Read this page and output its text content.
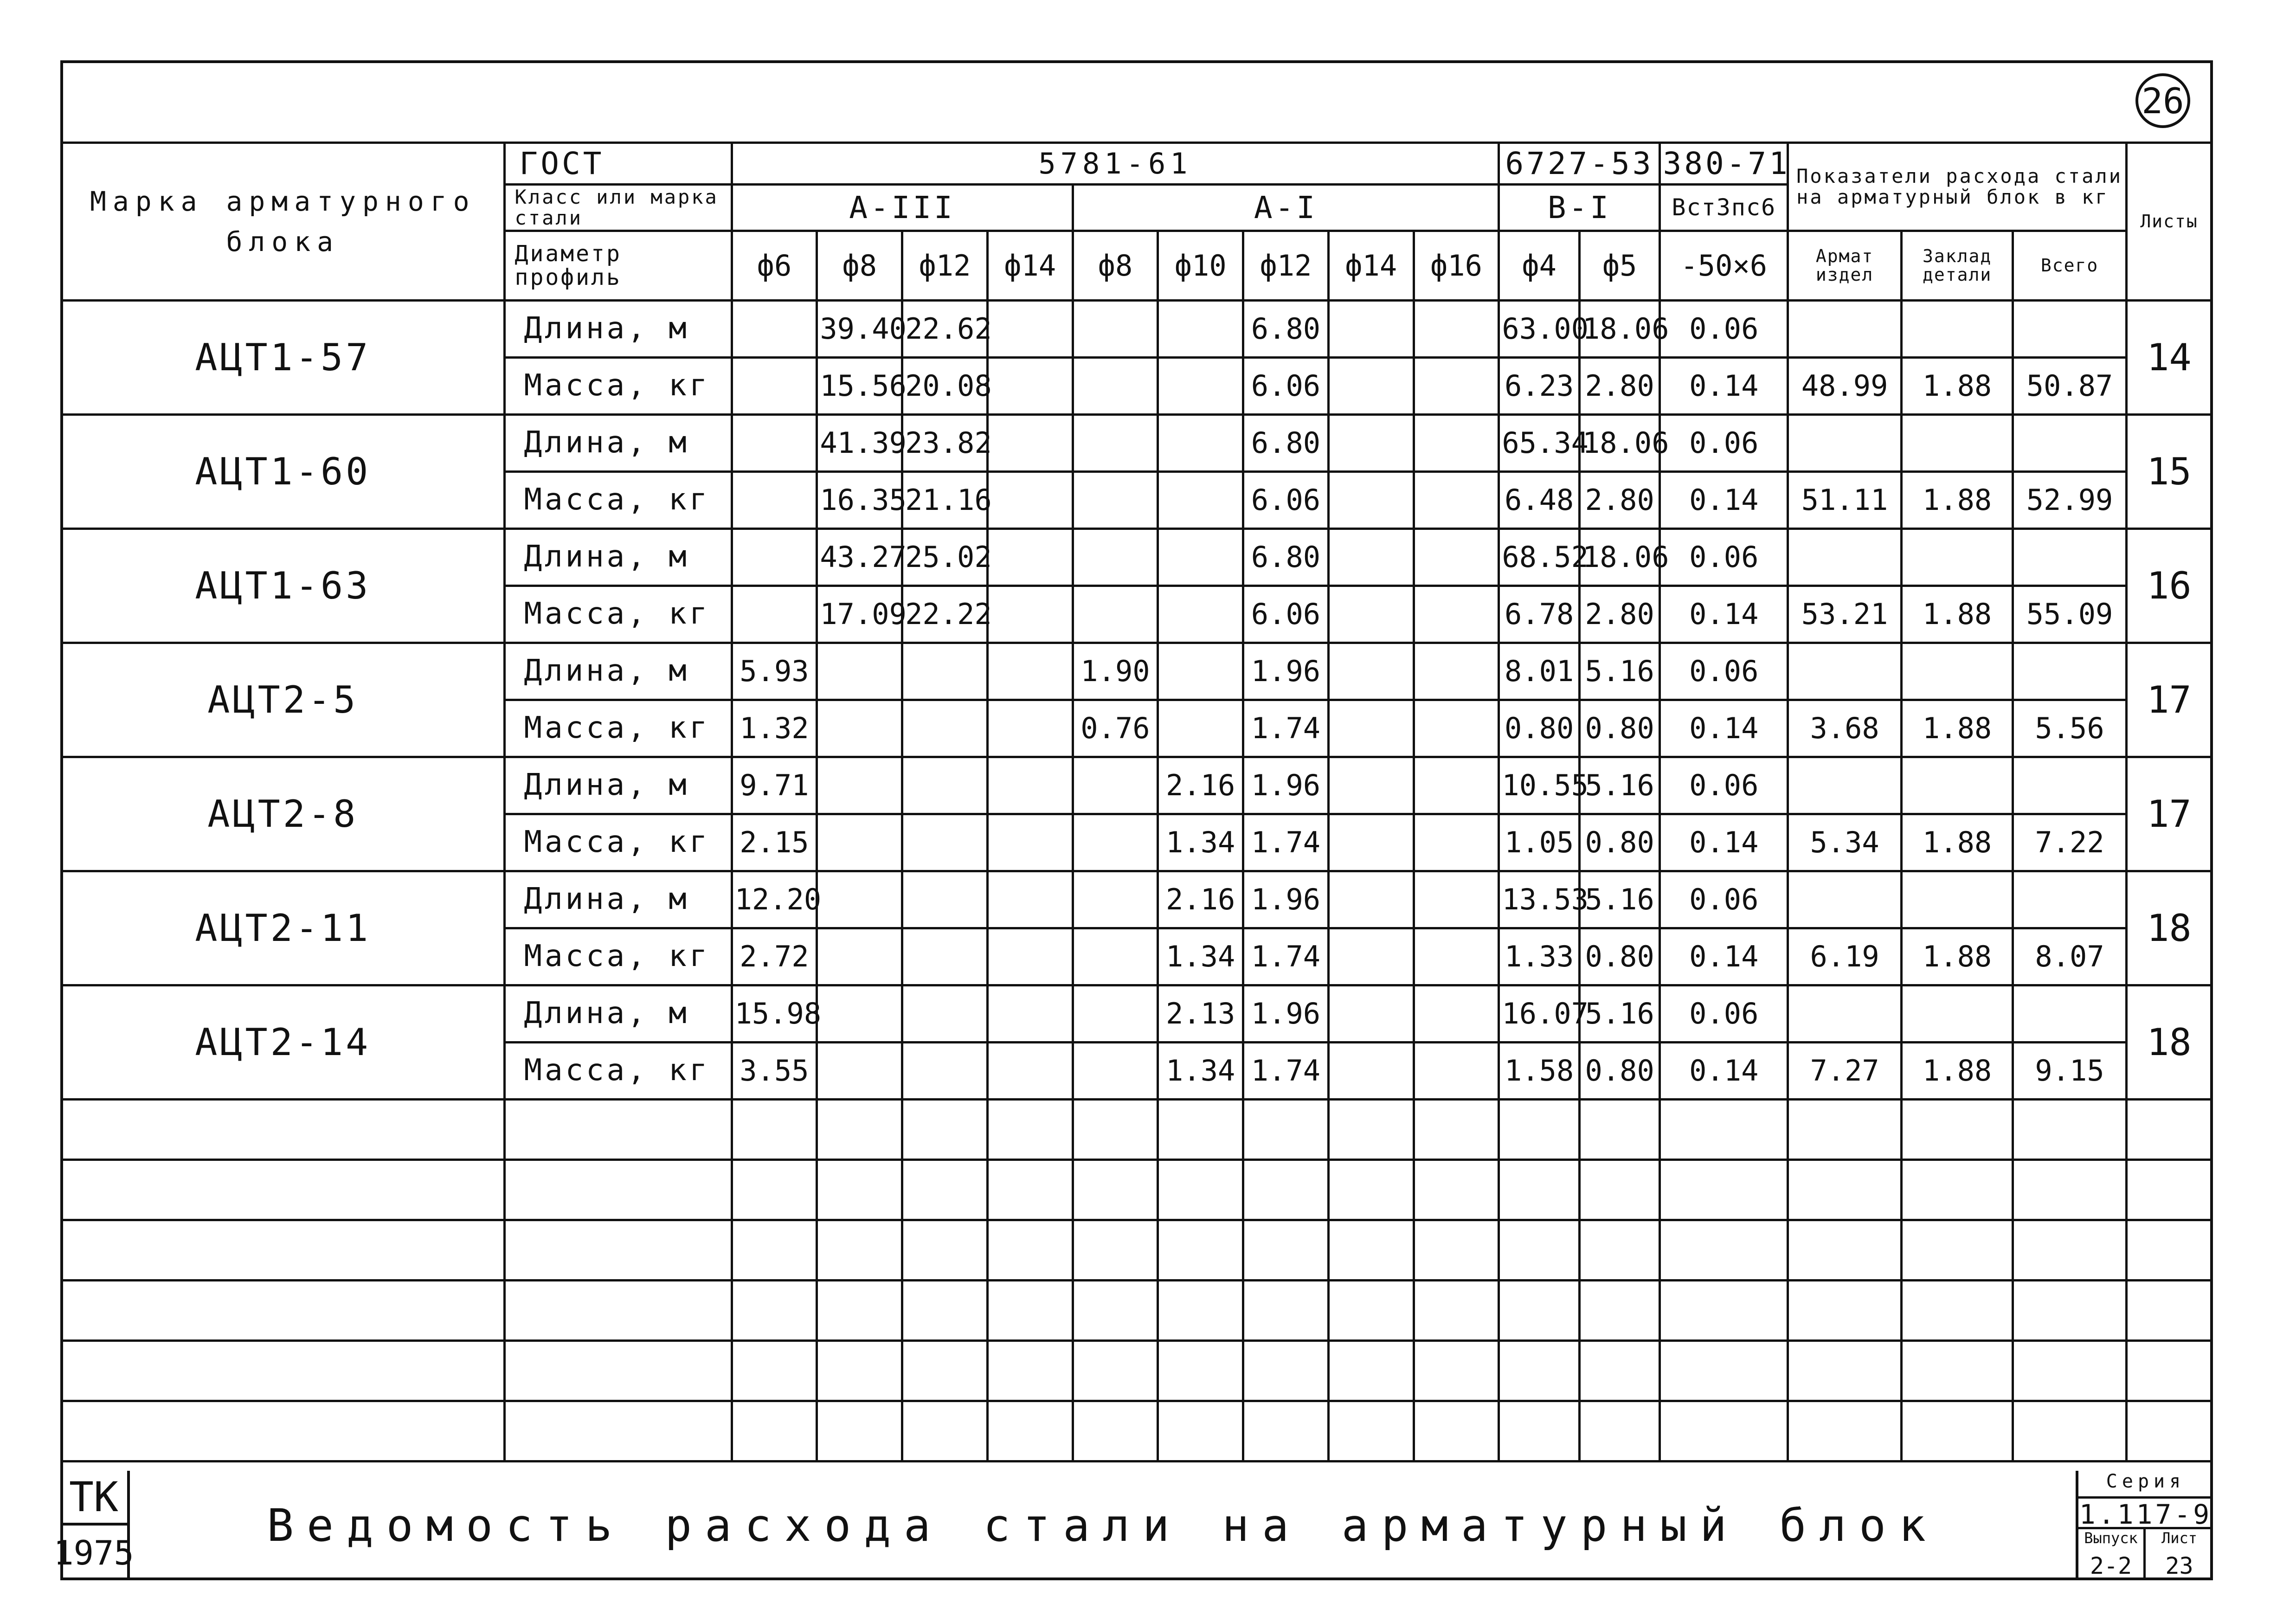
26
Марка арматурного блока	ГОСТ	5781-61									6727-53		380-71	Показатели расхода стали на арматурный блок в кг			Листы
	Класс или марка стали	A-III				A-I					B-I		Вст3пс6				
	Диаметр профиль	ф6	ф8	ф12	ф14	ф8	ф10	ф12	ф14	ф16	ф4	ф5	-50×6	Армат издел	Заклад детали	Всего	
АЦТ1-57	Длина, м		39.40	22.62				6.80			63.00	18.06	0.06				14
	Масса, кг		15.56	20.08				6.06			6.23	2.80	0.14	48.99	1.88	50.87	
АЦТ1-60	Длина, м		41.39	23.82				6.80			65.34	18.06	0.06				15
	Масса, кг		16.35	21.16				6.06			6.48	2.80	0.14	51.11	1.88	52.99	
АЦТ1-63	Длина, м		43.27	25.02				6.80			68.52	18.06	0.06				16
	Масса, кг		17.09	22.22				6.06			6.78	2.80	0.14	53.21	1.88	55.09	
АЦТ2-5	Длина, м	5.93				1.90		1.96			8.01	5.16	0.06				17
	Масса, кг	1.32				0.76		1.74			0.80	0.80	0.14	3.68	1.88	5.56	
АЦТ2-8	Длина, м	9.71					2.16	1.96			10.55	5.16	0.06				17
	Масса, кг	2.15					1.34	1.74			1.05	0.80	0.14	5.34	1.88	7.22	
АЦТ2-11	Длина, м	12.20					2.16	1.96			13.53	5.16	0.06				18
	Масса, кг	2.72					1.34	1.74			1.33	0.80	0.14	6.19	1.88	8.07	
АЦТ2-14	Длина, м	15.98					2.13	1.96			16.07	5.16	0.06				18
	Масса, кг	3.55					1.34	1.74			1.58	0.80	0.14	7.27	1.88	9.15	

ТК
1975
Ведомость расхода стали на арматурный блок
Серия
1.117-9
Выпуск
2-2
Лист
23
